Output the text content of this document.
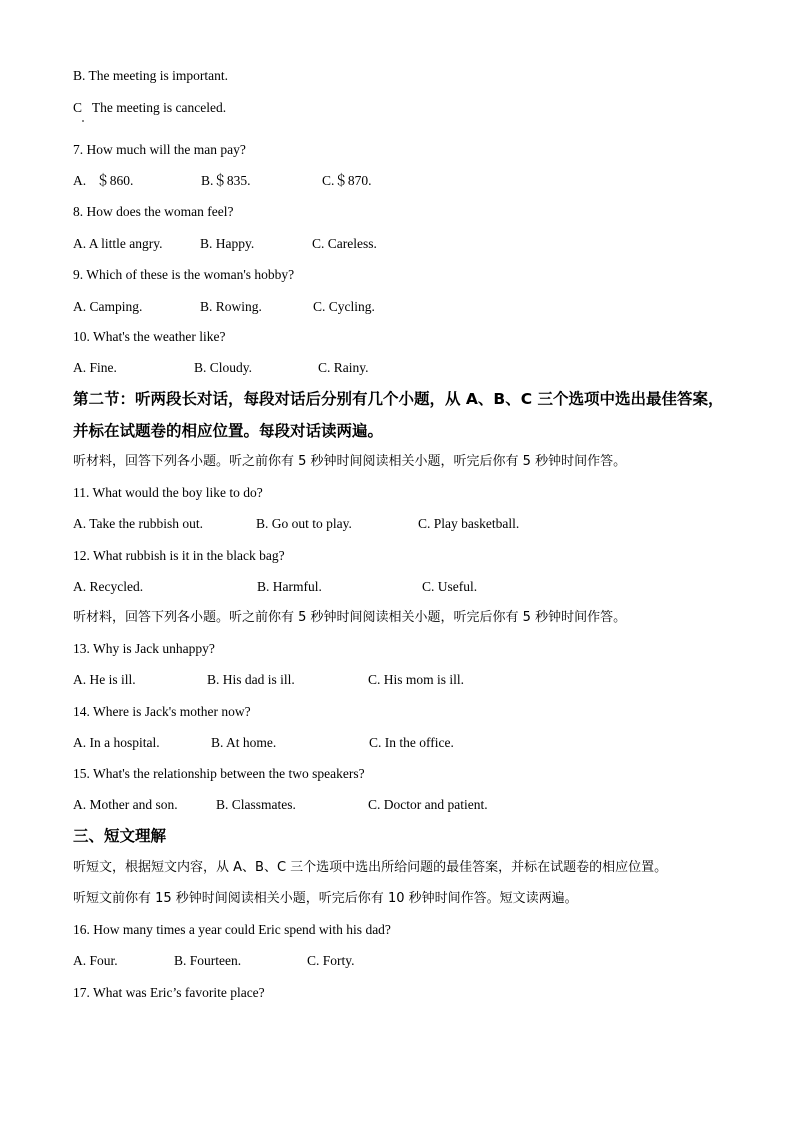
B. The meeting is important.
C   The meeting is canceled.
7. How much will the man pay?
A.   ＄860.	B.＄835.	C.＄870.
8. How does the woman feel?
A. A little angry.	B. Happy.	C. Careless.
9. Which of these is the woman's hobby?
A. Camping.	B. Rowing.	C. Cycling.
10. What's the weather like?
A. Fine.	B. Cloudy.	C. Rainy.
第二节：听两段长对话，每段对话后分别有几个小题，从 A、B、C 三个选项中选出最佳答案，
并标在试题卷的相应位置。每段对话读两遍。
听材料，回答下列各小题。听之前你有 5 秒钟时间阅读相关小题，听完后你有 5 秒钟时间作答。
11. What would the boy like to do?
A. Take the rubbish out.	B. Go out to play.	C. Play basketball.
12. What rubbish is it in the black bag?
A. Recycled.	B. Harmful.	C. Useful.
听材料，回答下列各小题。听之前你有 5 秒钟时间阅读相关小题，听完后你有 5 秒钟时间作答。
13. Why is Jack unhappy?
A. He is ill.	B. His dad is ill.	C. His mom is ill.
14. Where is Jack's mother now?
A. In a hospital.	B. At home.	C. In the office.
15. What's the relationship between the two speakers?
A. Mother and son.	B. Classmates.	C. Doctor and patient.
三、短文理解
听短文，根据短文内容，从 A、B、C 三个选项中选出所给问题的最佳答案，并标在试题卷的相应位置。
听短文前你有 15 秒钟时间阅读相关小题，听完后你有 10 秒钟时间作答。短文读两遍。
16. How many times a year could Eric spend with his dad?
A. Four.	B. Fourteen.	C. Forty.
17. What was Eric’s favorite place?
